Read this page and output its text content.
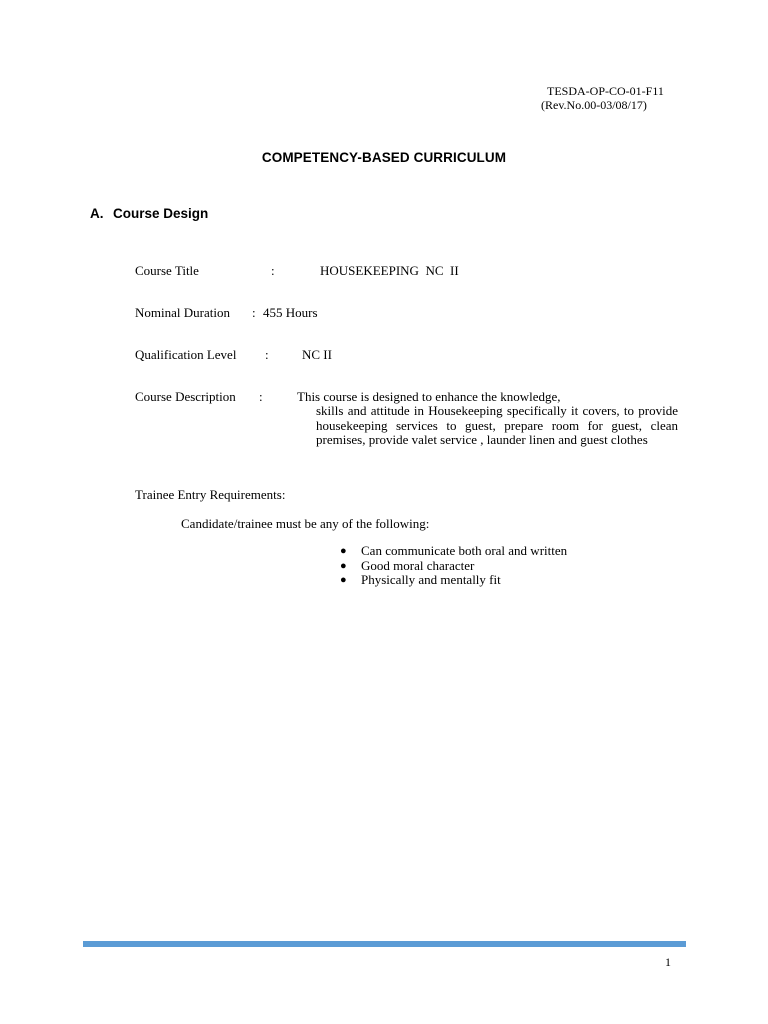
TESDA-OP-CO-01-F11
(Rev.No.00-03/08/17)
COMPETENCY-BASED CURRICULUM
A. Course Design
Course Title	:	HOUSEKEEPING  NC  II
Nominal Duration : 455 Hours
Qualification Level :	NC II
Course Description :	This course is designed to enhance the knowledge,
skills and attitude in Housekeeping specifically it covers, to provide housekeeping services to guest, prepare room for guest, clean premises, provide valet service , launder linen and guest clothes
Trainee Entry Requirements:
Candidate/trainee must be any of the following:
● Can communicate both oral and written
● Good moral character
● Physically and mentally fit
1
